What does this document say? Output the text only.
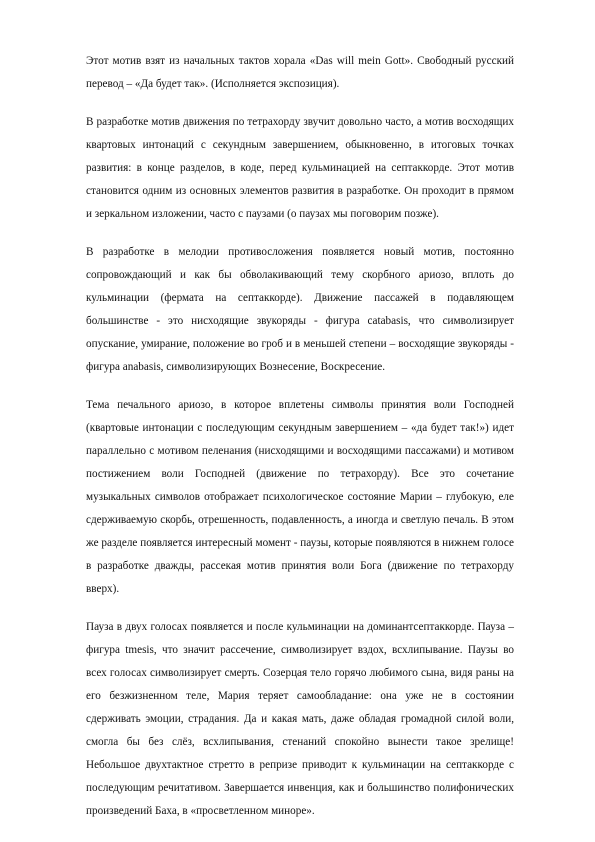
Этот мотив взят из начальных тактов хорала «Das will mein Gott». Свободный русский перевод – «Да будет так». (Исполняется экспозиция).

В разработке мотив движения по тетрахорду звучит довольно часто, а мотив восходящих квартовых интонаций с секундным завершением, обыкновенно, в итоговых точках развития: в конце разделов, в коде, перед кульминацией на септаккорде. Этот мотив становится одним из основных элементов развития в разработке. Он проходит в прямом и зеркальном изложении, часто с паузами (о паузах мы поговорим позже).

В разработке в мелодии противосложения появляется новый мотив, постоянно сопровождающий и как бы обволакивающий тему скорбного ариозо, вплоть до кульминации (фермата на септаккорде). Движение пассажей в подавляющем большинстве - это нисходящие звукоряды - фигура catabasis, что символизирует опускание, умирание, положение во гроб и в меньшей степени – восходящие звукоряды - фигура anabasis, символизирующих Вознесение, Воскресение.

Тема печального ариозо, в которое вплетены символы принятия воли Господней (квартовые интонации с последующим секундным завершением – «да будет так!») идет параллельно с мотивом пеленания (нисходящими и восходящими пассажами) и мотивом постижением воли Господней (движение по тетрахорду). Все это сочетание музыкальных символов отображает психологическое состояние Марии – глубокую, еле сдерживаемую скорбь, отрешенность, подавленность, а иногда и светлую печаль. В этом же разделе появляется интересный момент - паузы, которые появляются в нижнем голосе в разработке дважды, рассекая мотив принятия воли Бога (движение по тетрахорду вверх).

Пауза в двух голосах появляется и после кульминации на доминантсептаккорде. Пауза – фигура tmesis, что значит рассечение, символизирует вздох, всхлипывание. Паузы во всех голосах символизирует смерть. Созерцая тело горячо любимого сына, видя раны на его безжизненном теле, Мария теряет самообладание: она уже не в состоянии сдерживать эмоции, страдания. Да и какая мать, даже обладая громадной силой воли, смогла бы без слёз, всхлипывания, стенаний спокойно вынести такое зрелище! Небольшое двухтактное стретто в репризе приводит к кульминации на септаккорде с последующим речитативом. Завершается инвенция, как и большинство полифонических произведений Баха, в «просветленном миноре».
